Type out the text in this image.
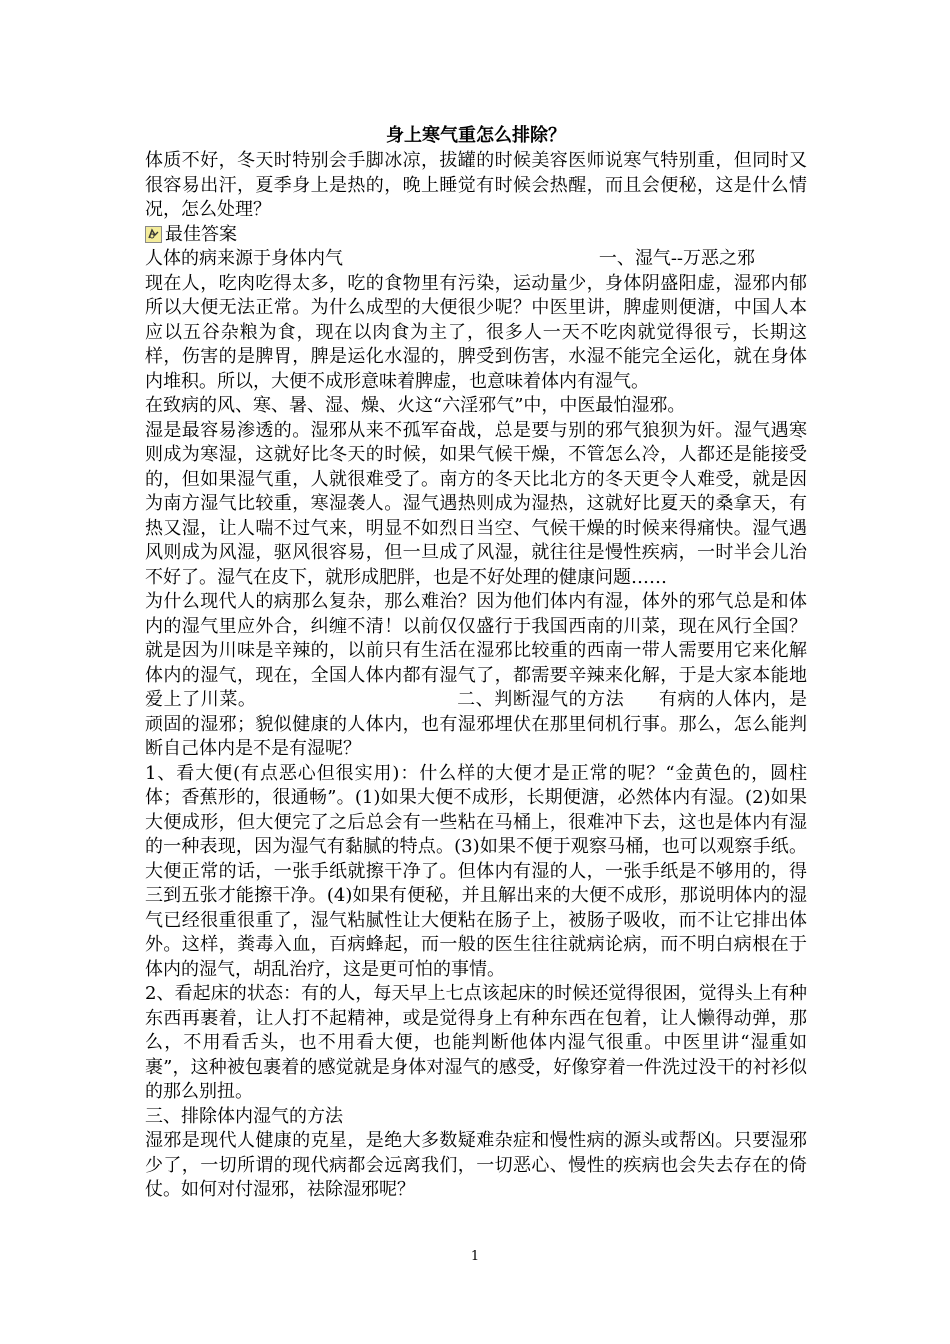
身上寒气重怎么排除？

体质不好，冬天时特别会手脚冰凉，拔罐的时候美容医师说寒气特别重，但同时又很容易出汗，夏季身上是热的，晚上睡觉有时候会热醒，而且会便秘，这是什么情况，怎么处理？

最佳答案
人体的病来源于身体内气	一、湿气--万恶之邪

现在人，吃肉吃得太多，吃的食物里有污染，运动量少，身体阴盛阳虚，湿邪内郁所以大便无法正常。为什么成型的大便很少呢？中医里讲，脾虚则便溏，中国人本应以五谷杂粮为食，现在以肉食为主了，很多人一天不吃肉就觉得很亏，长期这样，伤害的是脾胃，脾是运化水湿的，脾受到伤害，水湿不能完全运化，就在身体内堆积。所以，大便不成形意味着脾虚，也意味着体内有湿气。

在致病的风、寒、暑、湿、燥、火这“六淫邪气”中，中医最怕湿邪。

湿是最容易渗透的。湿邪从来不孤军奋战，总是要与别的邪气狼狈为奸。湿气遇寒则成为寒湿，这就好比冬天的时候，如果气候干燥，不管怎么冷，人都还是能接受的，但如果湿气重，人就很难受了。南方的冬天比北方的冬天更令人难受，就是因为南方湿气比较重，寒湿袭人。湿气遇热则成为湿热，这就好比夏天的桑拿天，有热又湿，让人喘不过气来，明显不如烈日当空、气候干燥的时候来得痛快。湿气遇风则成为风湿，驱风很容易，但一旦成了风湿，就往往是慢性疾病，一时半会儿治不好了。湿气在皮下，就形成肥胖，也是不好处理的健康问题……

为什么现代人的病那么复杂，那么难治？因为他们体内有湿，体外的邪气总是和体内的湿气里应外合，纠缠不清！以前仅仅盛行于我国西南的川菜，现在风行全国？就是因为川味是辛辣的，以前只有生活在湿邪比较重的西南一带人需要用它来化解体内的湿气，现在，全国人体内都有湿气了，都需要辛辣来化解，于是大家本能地爱上了川菜。	二、判断湿气的方法 有病的人体内，是顽固的湿邪；貌似健康的人体内，也有湿邪埋伏在那里伺机行事。那么，怎么能判断自己体内是不是有湿呢？

1、看大便(有点恶心但很实用)：什么样的大便才是正常的呢？“金黄色的，圆柱体；香蕉形的，很通畅”。(1)如果大便不成形，长期便溏，必然体内有湿。(2)如果大便成形，但大便完了之后总会有一些粘在马桶上，很难冲下去，这也是体内有湿的一种表现，因为湿气有黏腻的特点。(3)如果不便于观察马桶，也可以观察手纸。大便正常的话，一张手纸就擦干净了。但体内有湿的人，一张手纸是不够用的，得三到五张才能擦干净。(4)如果有便秘，并且解出来的大便不成形，那说明体内的湿气已经很重很重了，湿气粘腻性让大便粘在肠子上，被肠子吸收，而不让它排出体外。这样，粪毒入血，百病蜂起，而一般的医生往往就病论病，而不明白病根在于体内的湿气，胡乱治疗，这是更可怕的事情。

2、看起床的状态：有的人，每天早上七点该起床的时候还觉得很困，觉得头上有种东西再裹着，让人打不起精神，或是觉得身上有种东西在包着，让人懒得动弹，那么，不用看舌头，也不用看大便，也能判断他体内湿气很重。中医里讲“湿重如裹”，这种被包裹着的感觉就是身体对湿气的感受，好像穿着一件洗过没干的衬衫似的那么别扭。

三、排除体内湿气的方法

湿邪是现代人健康的克星，是绝大多数疑难杂症和慢性病的源头或帮凶。只要湿邪少了，一切所谓的现代病都会远离我们，一切恶心、慢性的疾病也会失去存在的倚仗。如何对付湿邪，祛除湿邪呢？

1
